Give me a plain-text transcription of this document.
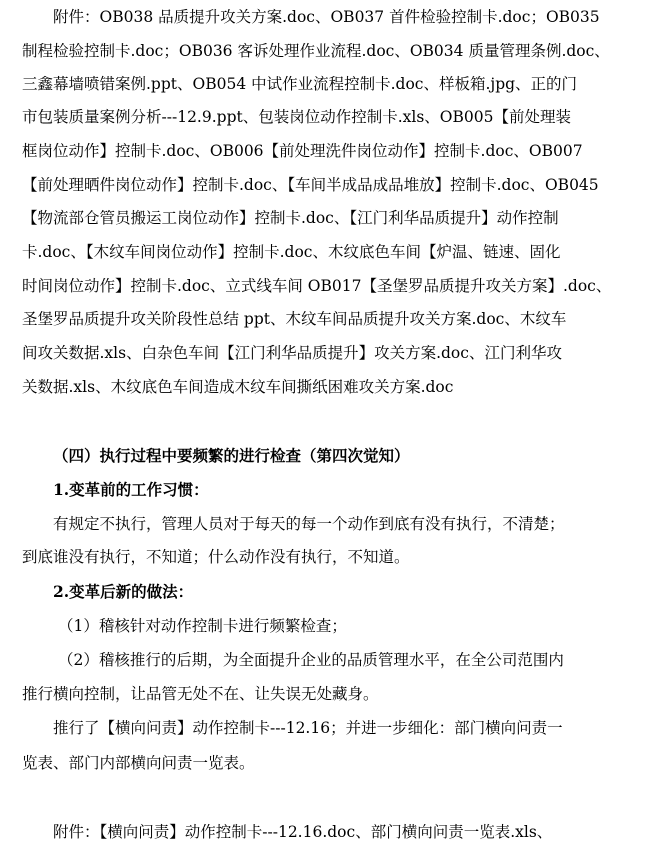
附件：OB038 品质提升攻关方案.doc、OB037 首件检验控制卡.doc；OB035
制程检验控制卡.doc；OB036 客诉处理作业流程.doc、OB034 质量管理条例.doc、
三鑫幕墙喷错案例.ppt、OB054 中试作业流程控制卡.doc、样板箱.jpg、正的门
市包装质量案例分析---12.9.ppt、包装岗位动作控制卡.xls、OB005【前处理装
框岗位动作】控制卡.doc、OB006【前处理洗件岗位动作】控制卡.doc、OB007
【前处理晒件岗位动作】控制卡.doc、【车间半成品成品堆放】控制卡.doc、OB045
【物流部仓管员搬运工岗位动作】控制卡.doc、【江门利华品质提升】动作控制
卡.doc、【木纹车间岗位动作】控制卡.doc、木纹底色车间【炉温、链速、固化
时间岗位动作】控制卡.doc、立式线车间 OB017【圣堡罗品质提升攻关方案】.doc、
圣堡罗品质提升攻关阶段性总结 ppt、木纹车间品质提升攻关方案.doc、木纹车
间攻关数据.xls、白杂色车间【江门利华品质提升】攻关方案.doc、江门利华攻
关数据.xls、木纹底色车间造成木纹车间撕纸困难攻关方案.doc
（四）执行过程中要频繁的进行检查（第四次觉知）
1.变革前的工作习惯：
有规定不执行，管理人员对于每天的每一个动作到底有没有执行，不清楚；
到底谁没有执行，不知道；什么动作没有执行，不知道。
2.变革后新的做法：
（1）稽核针对动作控制卡进行频繁检查；
（2）稽核推行的后期，为全面提升企业的品质管理水平，在全公司范围内
推行横向控制，让品管无处不在、让失误无处藏身。
推行了【横向问责】动作控制卡---12.16；并进一步细化：部门横向问责一
览表、部门内部横向问责一览表。
附件：【横向问责】动作控制卡---12.16.doc、部门横向问责一览表.xls、
